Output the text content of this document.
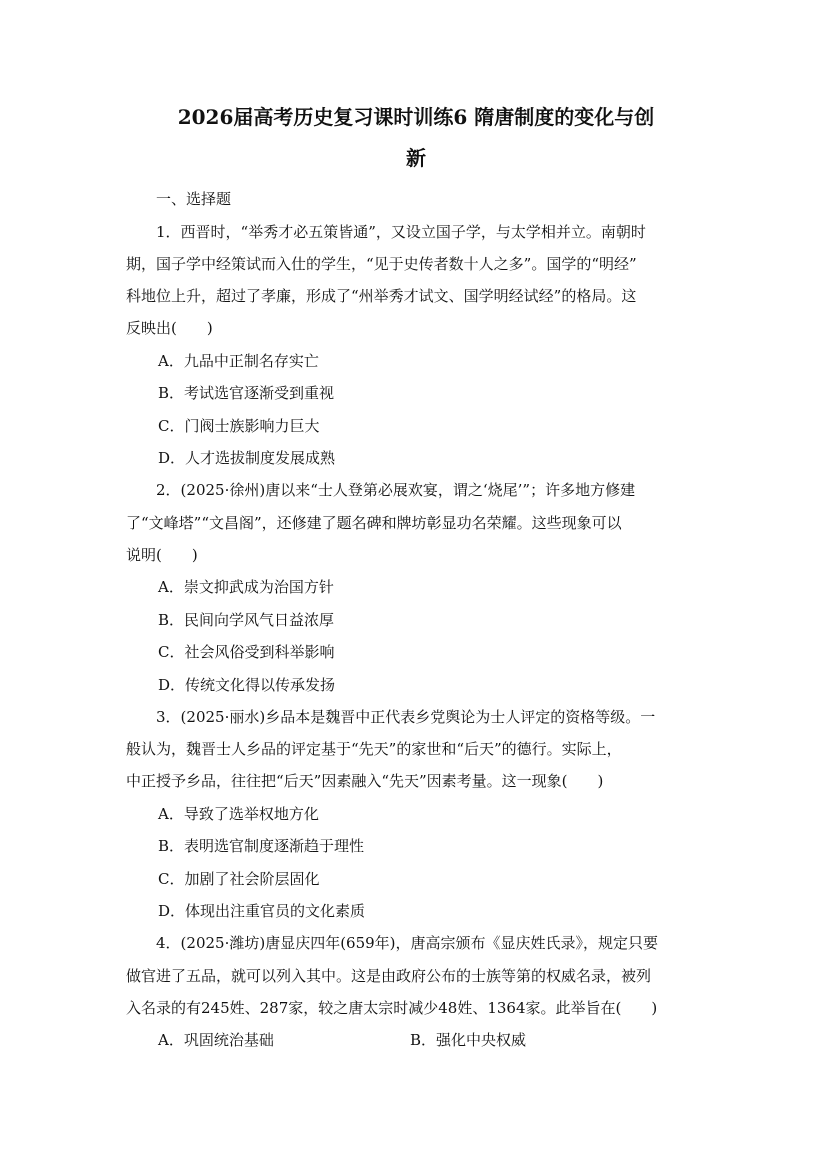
2026届高考历史复习课时训练6 隋唐制度的变化与创
新
一、选择题
1．西晋时，“举秀才必五策皆通”，又设立国子学，与太学相并立。南朝时
期，国子学中经策试而入仕的学生，“见于史传者数十人之多”。国学的“明经”
科地位上升，超过了孝廉，形成了“州举秀才试文、国学明经试经”的格局。这
反映出(　　)
A．九品中正制名存实亡
B．考试选官逐渐受到重视
C．门阀士族影响力巨大
D．人才选拔制度发展成熟
2．(2025·徐州)唐以来“士人登第必展欢宴，谓之‘烧尾’”；许多地方修建
了“文峰塔”“文昌阁”，还修建了题名碑和牌坊彰显功名荣耀。这些现象可以
说明(　　)
A．崇文抑武成为治国方针
B．民间向学风气日益浓厚
C．社会风俗受到科举影响
D．传统文化得以传承发扬
3．(2025·丽水)乡品本是魏晋中正代表乡党舆论为士人评定的资格等级。一
般认为，魏晋士人乡品的评定基于“先天”的家世和“后天”的德行。实际上，
中正授予乡品，往往把“后天”因素融入“先天”因素考量。这一现象(　　)
A．导致了选举权地方化
B．表明选官制度逐渐趋于理性
C．加剧了社会阶层固化
D．体现出注重官员的文化素质
4．(2025·潍坊)唐显庆四年(659年)，唐高宗颁布《显庆姓氏录》，规定只要
做官进了五品，就可以列入其中。这是由政府公布的士族等第的权威名录，被列
入名录的有245姓、287家，较之唐太宗时减少48姓、1364家。此举旨在(　　)
A．巩固统治基础	B．强化中央权威
